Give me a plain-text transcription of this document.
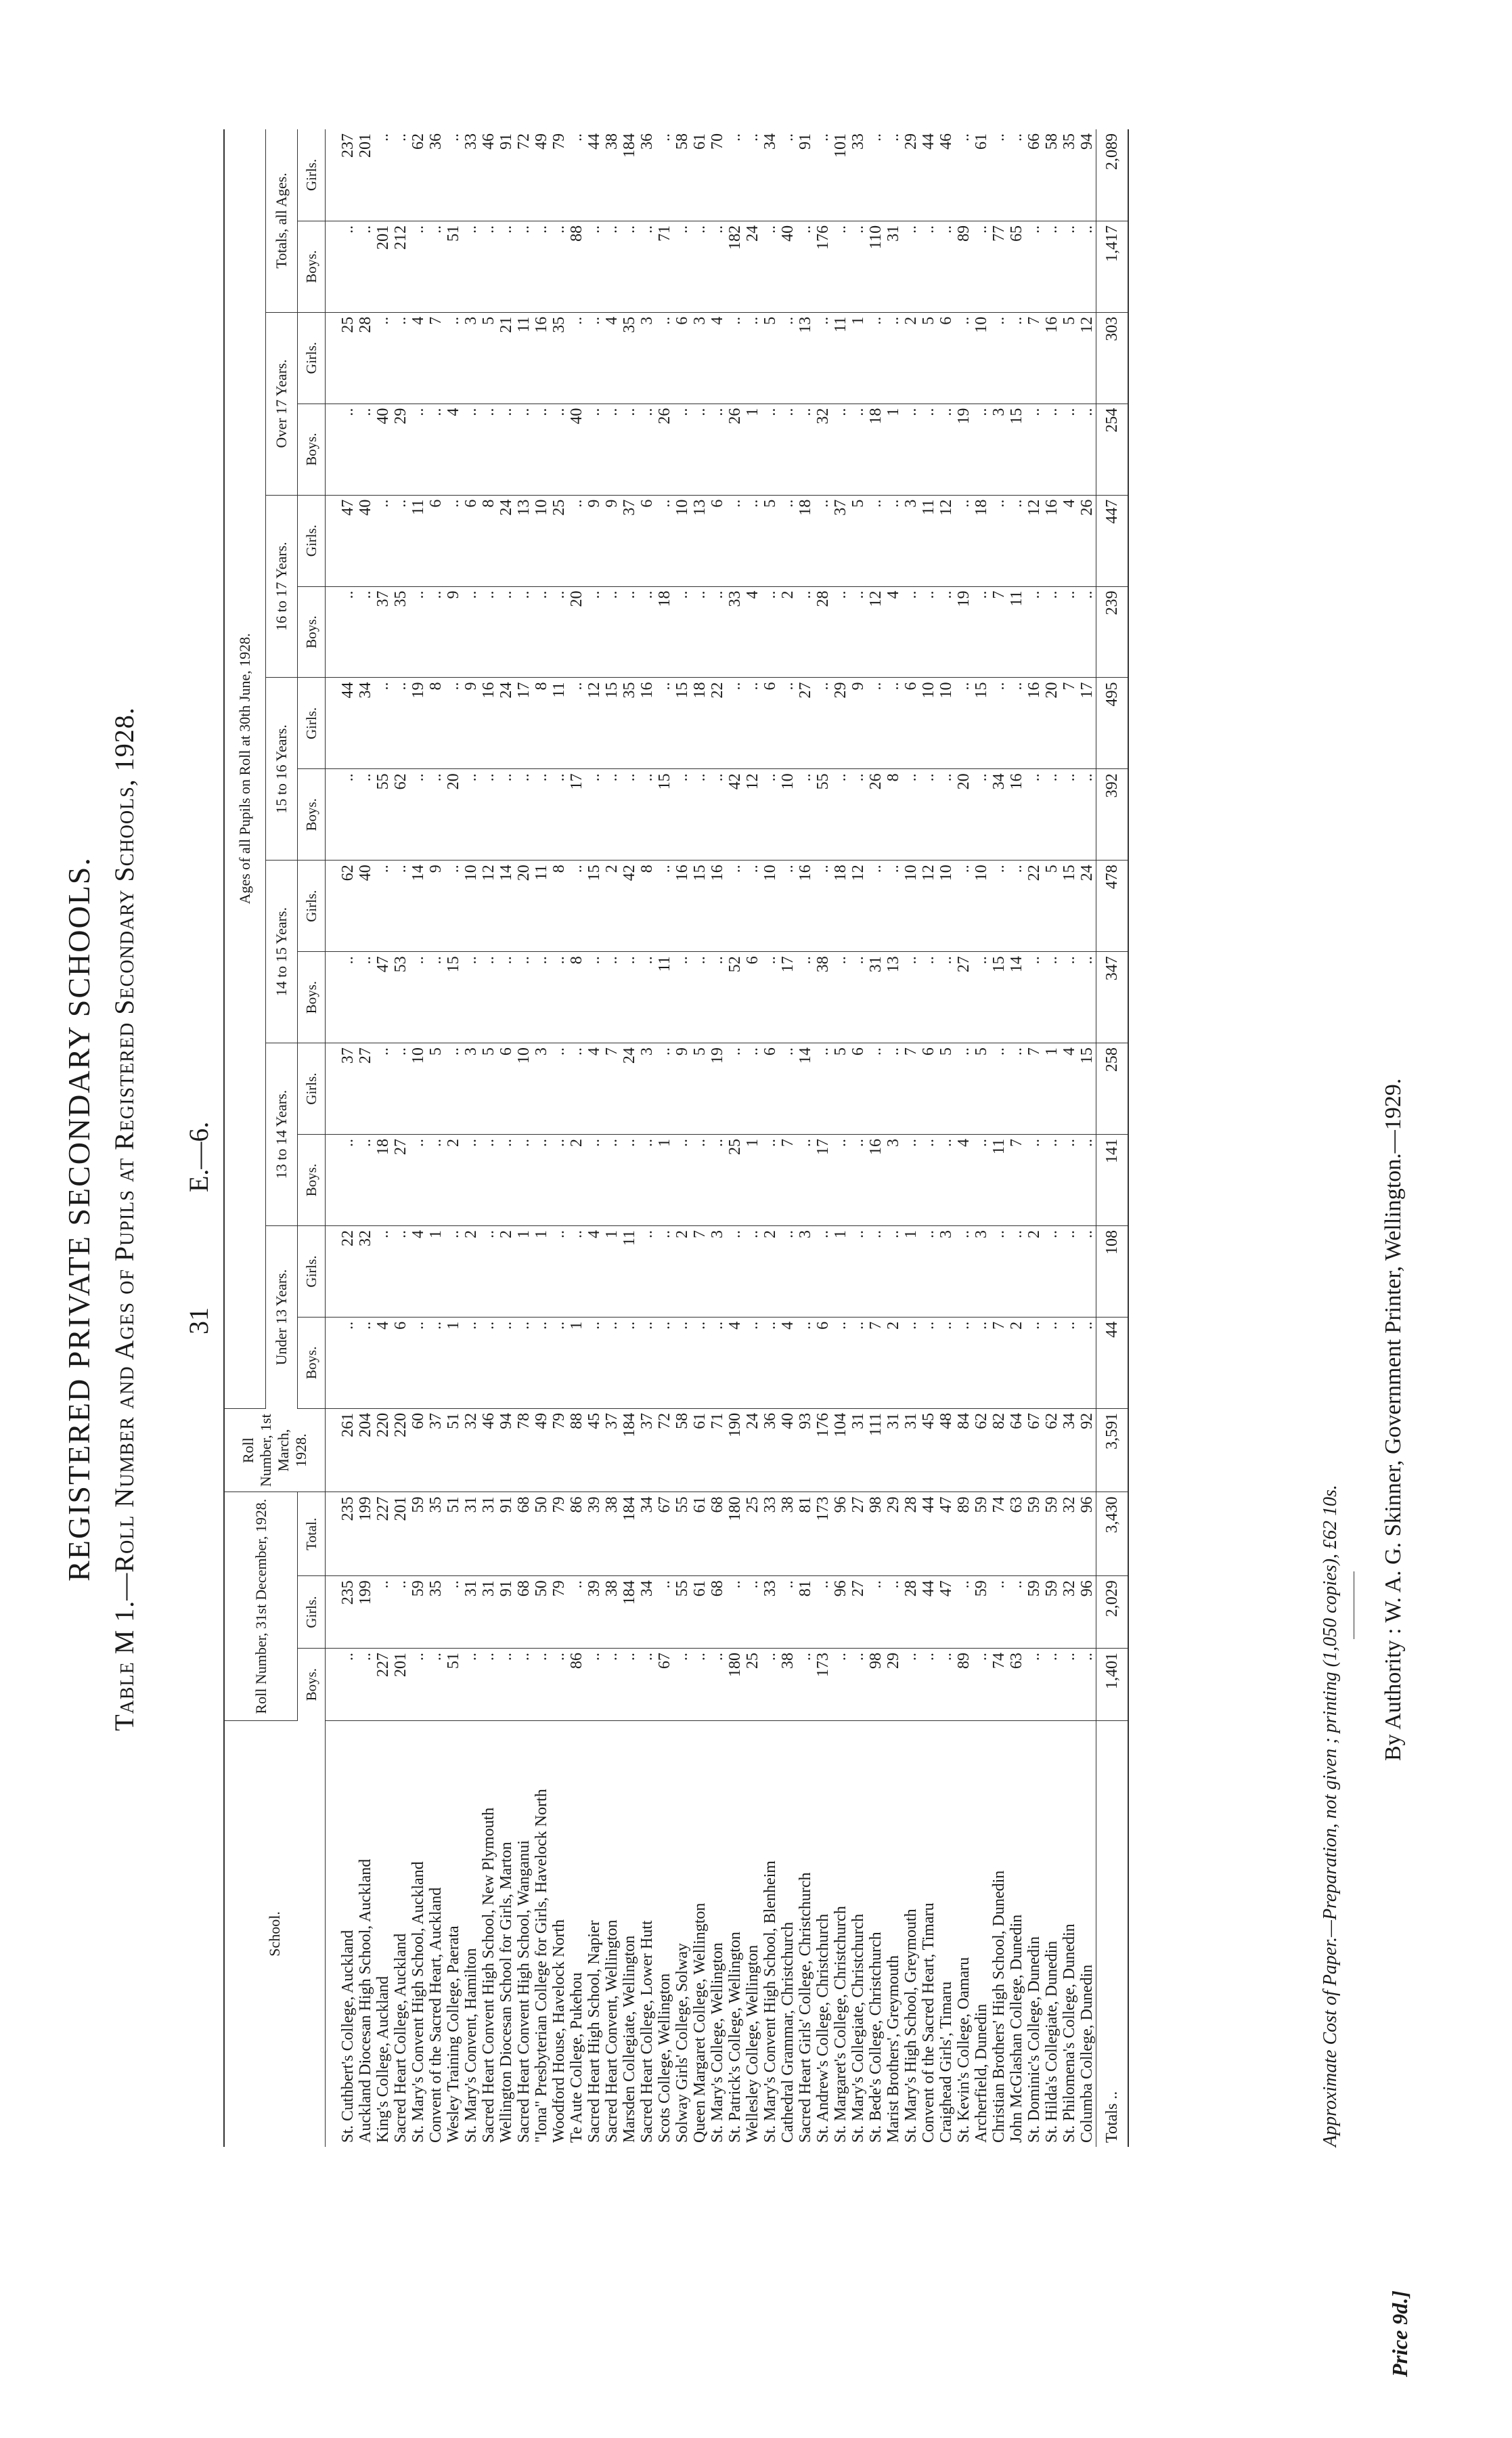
31
E.—6.
REGISTERED PRIVATE SECONDARY SCHOOLS. Table M 1.—Roll Number and Ages of Pupils at Registered Secondary Schools, 1928.
School.	Roll Number, 31st December, 1928.			Roll Number, 1st March, 1928.	Ages of all Pupils on Roll at 30th June, 1928.													
					Under 13 Years.		13 to 14 Years.		14 to 15 Years.		15 to 16 Years.		16 to 17 Years.		Over 17 Years.		Totals, all Ages.	
	Boys.	Girls.	Total.		Boys.	Girls.	Boys.	Girls.	Boys.	Girls.	Boys.	Girls.	Boys.	Girls.	Boys.	Girls.	Boys.	Girls.
St. Cuthbert's College, Auckland	..	235	235	261	..	22	..	37	..	62	..	44	..	47	..	25	..	237
Auckland Diocesan High School, Auckland	..	199	199	204	..	32	..	27	..	40	..	34	..	40	..	28	..	201
King's College, Auckland	227	..	227	220	4	..	18	..	47	..	55	..	37	..	40	..	201	..
Sacred Heart College, Auckland	201	..	201	220	6	..	27	..	53	..	62	..	35	..	29	..	212	..
St. Mary's Convent High School, Auckland	..	59	59	60	..	4	..	10	..	14	..	19	..	11	..	4	..	62
Convent of the Sacred Heart, Auckland	..	35	35	37	..	1	..	5	..	9	..	8	..	6	..	7	..	36
Wesley Training College, Paerata	51	..	51	51	1	..	2	..	15	..	20	..	9	..	4	..	51	..
St. Mary's Convent, Hamilton	..	31	31	32	..	2	..	3	..	10	..	9	..	6	..	3	..	33
Sacred Heart Convent High School, New Plymouth	..	31	31	46	..	..	..	5	..	12	..	16	..	8	..	5	..	46
Wellington Diocesan School for Girls, Marton	..	91	91	94	..	2	..	6	..	14	..	24	..	24	..	21	..	91
Sacred Heart Convent High School, Wanganui	..	68	68	78	..	1	..	10	..	20	..	17	..	13	..	11	..	72
"Iona" Presbyterian College for Girls, Havelock North	..	50	50	49	..	1	..	3	..	11	..	8	..	10	..	16	..	49
Woodford House, Havelock North	..	79	79	79	..	..	..	..	..	8	..	11	..	25	..	35	..	79
Te Aute College, Pukehou	86	..	86	88	1	..	2	..	8	..	17	..	20	..	40	..	88	..
Sacred Heart High School, Napier	..	39	39	45	..	4	..	4	..	15	..	12	..	9	..	..	..	44
Sacred Heart Convent, Wellington	..	38	38	37	..	1	..	7	..	2	..	15	..	9	..	4	..	38
Marsden Collegiate, Wellington	..	184	184	184	..	11	..	24	..	42	..	35	..	37	..	35	..	184
Sacred Heart College, Lower Hutt	..	34	34	37	..	..	..	3	..	8	..	16	..	6	..	3	..	36
Scots College, Wellington	67	..	67	72	..	..	1	..	11	..	15	..	18	..	26	..	71	..
Solway Girls' College, Solway	..	55	55	58	..	2	..	9	..	16	..	15	..	10	..	6	..	58
Queen Margaret College, Wellington	..	61	61	61	..	7	..	5	..	15	..	18	..	13	..	3	..	61
St. Mary's College, Wellington	..	68	68	71	..	3	..	19	..	16	..	22	..	6	..	4	..	70
St. Patrick's College, Wellington	180	..	180	190	4	..	25	..	52	..	42	..	33	..	26	..	182	..
Wellesley College, Wellington	25	..	25	24	..	..	1	..	6	..	12	..	4	..	1	..	24	..
St. Mary's Convent High School, Blenheim	..	33	33	36	..	2	..	6	..	10	..	6	..	5	..	5	..	34
Cathedral Grammar, Christchurch	38	..	38	40	4	..	7	..	17	..	10	..	2	..	..	..	40	..
Sacred Heart Girls' College, Christchurch	..	81	81	93	..	3	..	14	..	16	..	27	..	18	..	13	..	91
St. Andrew's College, Christchurch	173	..	173	176	6	..	17	..	38	..	55	..	28	..	32	..	176	..
St. Margaret's College, Christchurch	..	96	96	104	..	1	..	5	..	18	..	29	..	37	..	11	..	101
St. Mary's Collegiate, Christchurch	..	27	27	31	..	..	..	6	..	12	..	9	..	5	..	1	..	33
St. Bede's College, Christchurch	98	..	98	111	7	..	16	..	31	..	26	..	12	..	18	..	110	..
Marist Brothers', Greymouth	29	..	29	31	2	..	3	..	13	..	8	..	4	..	1	..	31	..
St. Mary's High School, Greymouth	..	28	28	31	..	1	..	7	..	10	..	6	..	3	..	2	..	29
Convent of the Sacred Heart, Timaru	..	44	44	45	..	..	..	6	..	12	..	10	..	11	..	5	..	44
Craighead Girls', Timaru	..	47	47	48	..	3	..	5	..	10	..	10	..	12	..	6	..	46
St. Kevin's College, Oamaru	89	..	89	84	..	..	4	..	27	..	20	..	19	..	19	..	89	..
Archerfield, Dunedin	..	59	59	62	..	3	..	5	..	10	..	15	..	18	..	10	..	61
Christian Brothers' High School, Dunedin	74	..	74	82	7	..	11	..	15	..	34	..	7	..	3	..	77	..
John McGlashan College, Dunedin	63	..	63	64	2	..	7	..	14	..	16	..	11	..	15	..	65	..
St. Dominic's College, Dunedin	..	59	59	67	..	2	..	7	..	22	..	16	..	12	..	7	..	66
St. Hilda's Collegiate, Dunedin	..	59	59	62	..	..	..	1	..	5	..	20	..	16	..	16	..	58
St. Philomena's College, Dunedin	..	32	32	34	..	..	..	4	..	15	..	7	..	4	..	5	..	35
Columba College, Dunedin	..	96	96	92	..	..	..	15	..	24	..	17	..	26	..	12	..	94
Totals ..	1,401	2,029	3,430	3,591	44	108	141	258	347	478	392	495	239	447	254	303	1,417	2,089
Approximate Cost of Paper.—Preparation, not given ; printing (1,050 copies), £62 10s.
By Authority : W. A. G. Skinner, Government Printer, Wellington.—1929.
Price 9d.]
